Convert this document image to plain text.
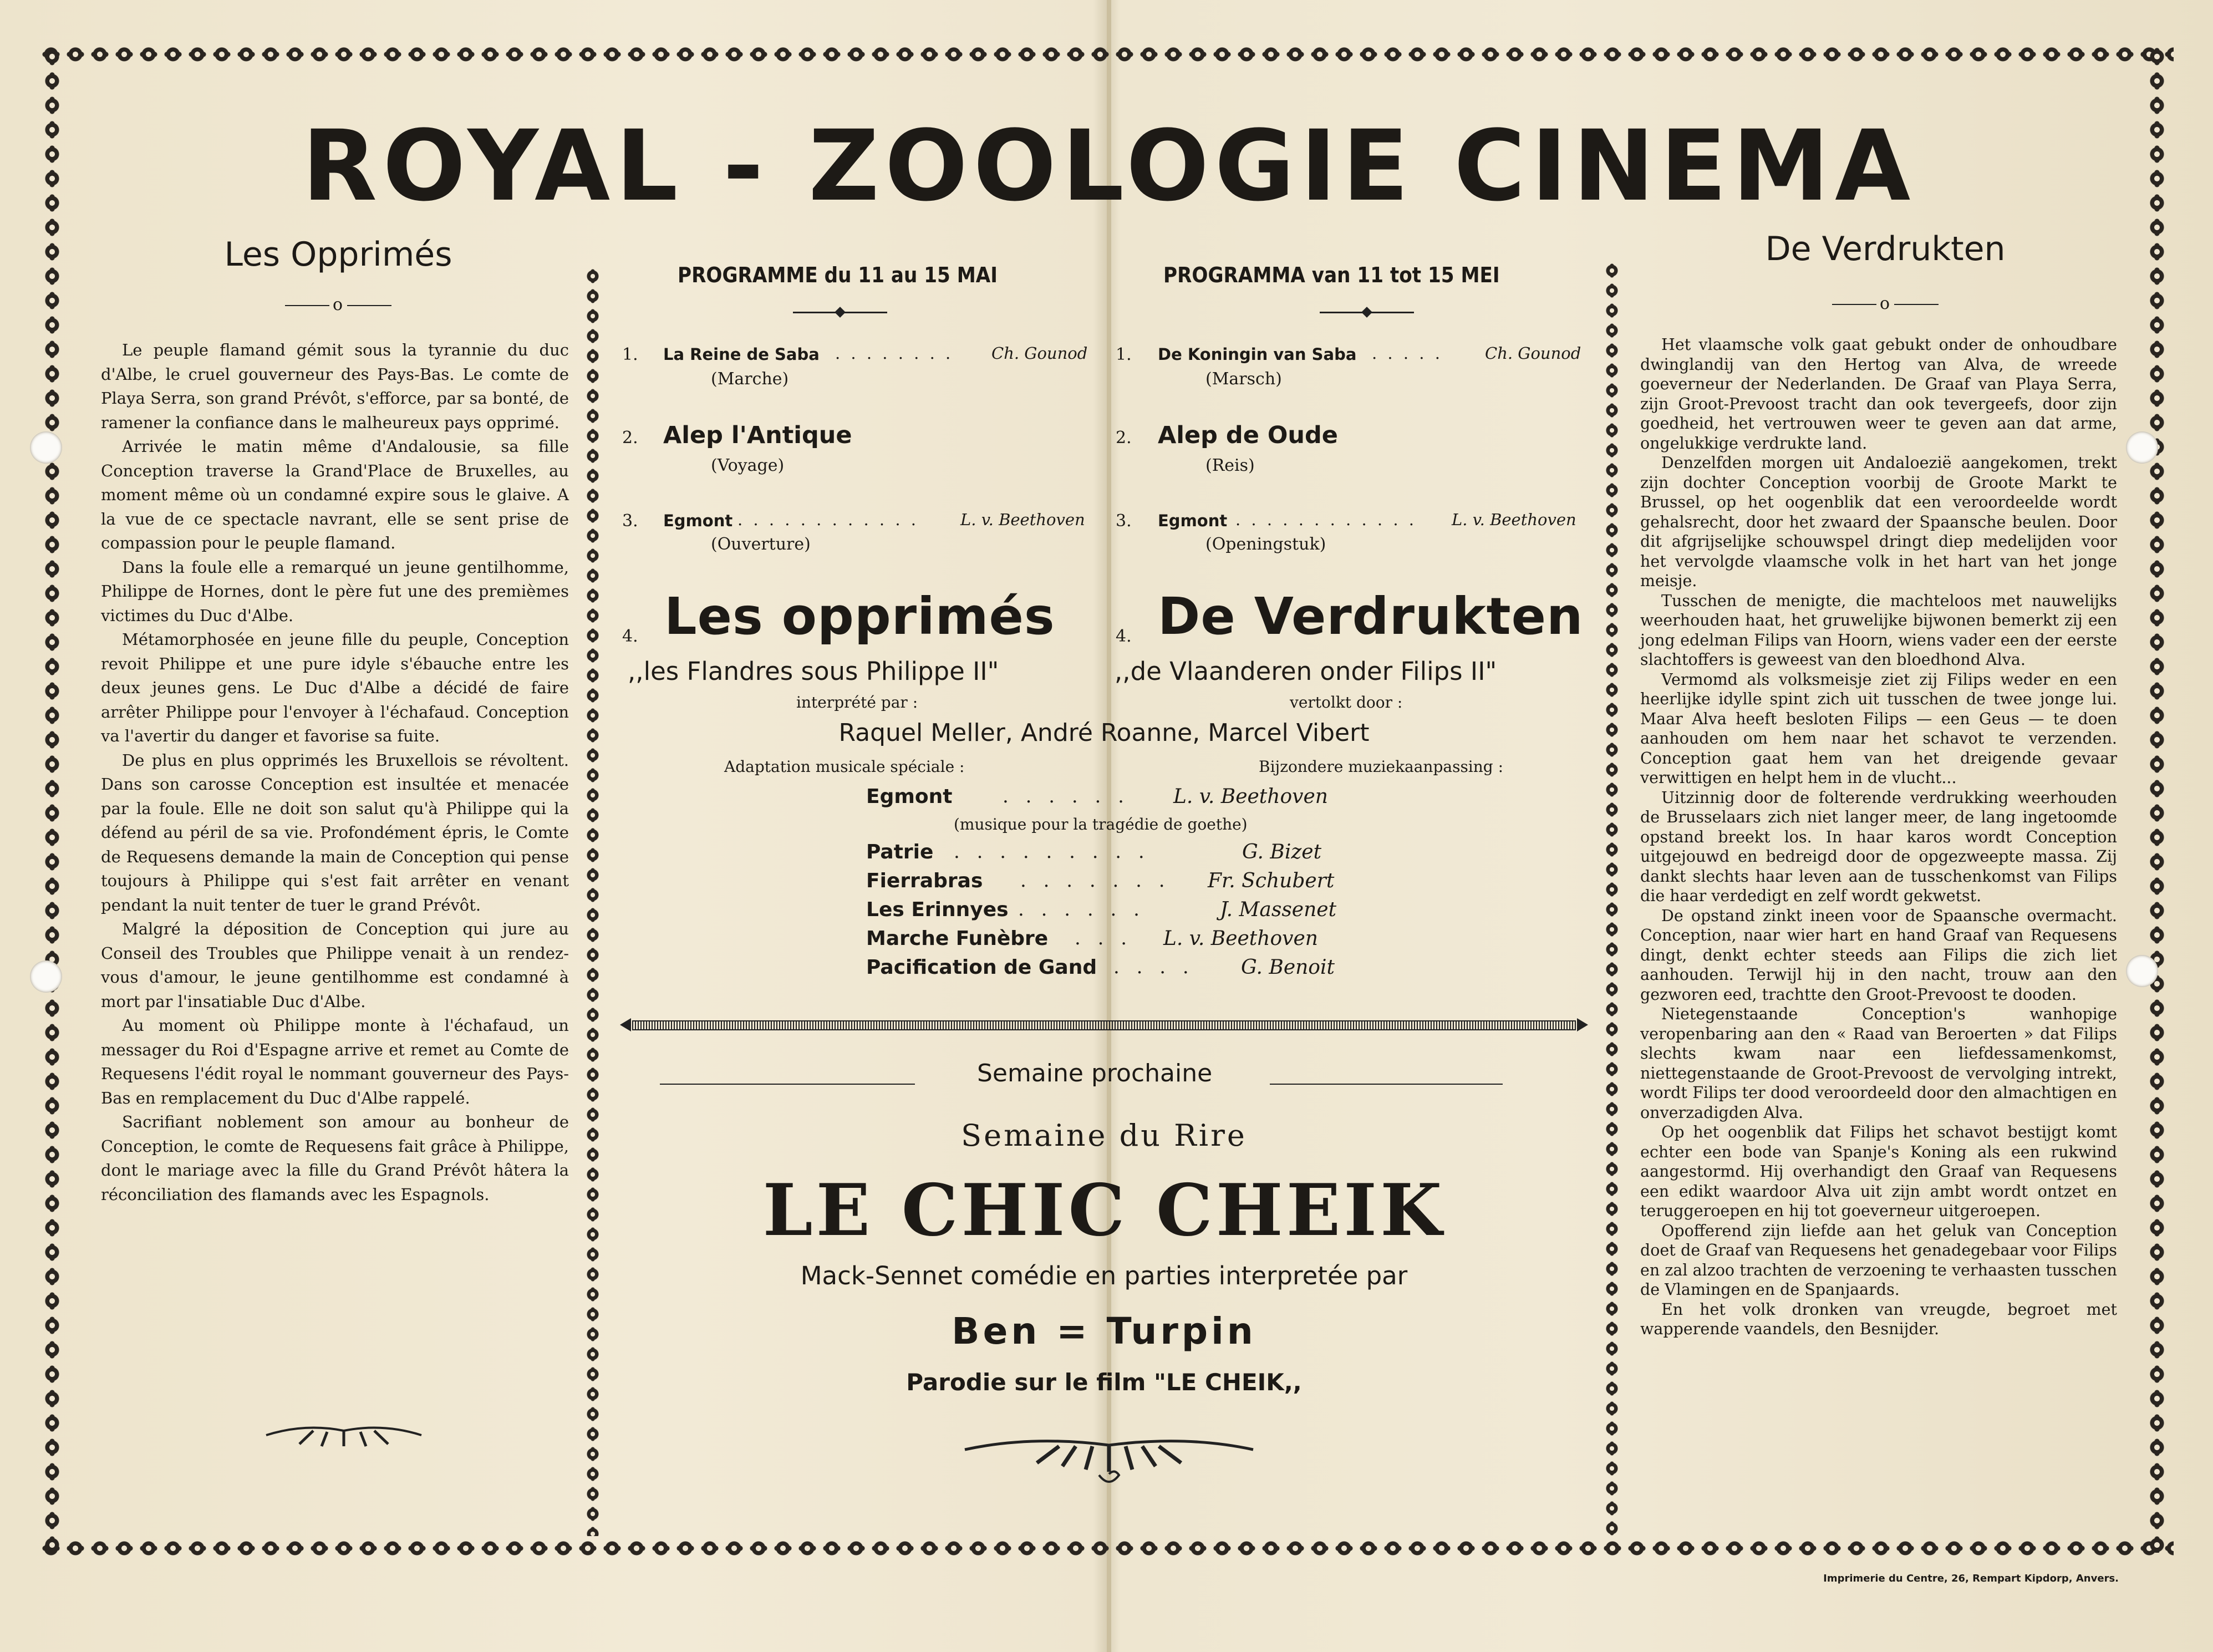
ROYAL - ZOOLOGIE CINEMA
Les Opprimés
o

Le peuple flamand gémit sous la tyrannie du duc d'Albe, le cruel gouverneur des Pays-Bas. Le comte de Playa Serra, son grand Prévôt, s'efforce, par sa bonté, de ramener la confiance dans le malheureux pays opprimé.

Arrivée le matin même d'Andalousie, sa fille Conception traverse la Grand'Place de Bruxelles, au moment même où un condamné expire sous le glaive. A la vue de ce spectacle navrant, elle se sent prise de compassion pour le peuple flamand.

Dans la foule elle a remarqué un jeune gentilhomme, Philippe de Hornes, dont le père fut une des premièmes victimes du Duc d'Albe.

Métamorphosée en jeune fille du peuple, Conception revoit Philippe et une pure idyle s'ébauche entre les deux jeunes gens. Le Duc d'Albe a décidé de faire arrêter Philippe pour l'envoyer à l'échafaud. Conception va l'avertir du danger et favorise sa fuite.

De plus en plus opprimés les Bruxellois se révoltent. Dans son carosse Conception est insultée et menacée par la foule. Elle ne doit son salut qu'à Philippe qui la défend au péril de sa vie. Profondément épris, le Comte de Requesens demande la main de Conception qui pense toujours à Philippe qui s'est fait arrêter en venant pendant la nuit tenter de tuer le grand Prévôt.

Malgré la déposition de Conception qui jure au Conseil des Troubles que Philippe venait à un rendez-vous d'amour, le jeune gentilhomme est condamné à mort par l'insatiable Duc d'Albe.

Au moment où Philippe monte à l'échafaud, un messager du Roi d'Espagne arrive et remet au Comte de Requesens l'édit royal le nommant gouverneur des Pays-Bas en remplacement du Duc d'Albe rappelé.

Sacrifiant noblement son amour au bonheur de Conception, le comte de Requesens fait grâce à Philippe, dont le mariage avec la fille du Grand Prévôt hâtera la réconciliation des flamands avec les Espagnols.

De Verdrukten
o

Het vlaamsche volk gaat gebukt onder de onhoudbare dwinglandij van den Hertog van Alva, de wreede goeverneur der Nederlanden. De Graaf van Playa Serra, zijn Groot-Prevoost tracht dan ook tevergeefs, door zijn goedheid, het vertrouwen weer te geven aan dat arme, ongelukkige verdrukte land.

Denzelfden morgen uit Andaloezië aangekomen, trekt zijn dochter Conception voorbij de Groote Markt te Brussel, op het oogenblik dat een veroordeelde wordt gehalsrecht, door het zwaard der Spaansche beulen. Door dit afgrijselijke schouwspel dringt diep medelijden voor het vervolgde vlaamsche volk in het hart van het jonge meisje.

Tusschen de menigte, die machteloos met nauwelijks weerhouden haat, het gruwelijke bijwonen bemerkt zij een jong edelman Filips van Hoorn, wiens vader een der eerste slachtoffers is geweest van den bloedhond Alva.

Vermomd als volksmeisje ziet zij Filips weder en een heerlijke idylle spint zich uit tusschen de twee jonge lui. Maar Alva heeft besloten Filips — een Geus — te doen aanhouden om hem naar het schavot te verzenden. Conception gaat hem van het dreigende gevaar verwittigen en helpt hem in de vlucht...

Uitzinnig door de folterende verdrukking weerhouden de Brusselaars zich niet langer meer, de lang ingetoomde opstand breekt los. In haar karos wordt Conception uitgejouwd en bedreigd door de opgezweepte massa. Zij dankt slechts haar leven aan de tusschenkomst van Filips die haar verdedigt en zelf wordt gekwetst.

De opstand zinkt ineen voor de Spaansche overmacht. Conception, naar wier hart en hand Graaf van Requesens dingt, denkt echter steeds aan Filips die zich liet aanhouden. Terwijl hij in den nacht, trouw aan den gezworen eed, trachtte den Groot-Prevoost te dooden.

Nietegenstaande Conception's wanhopige veropenbaring aan den « Raad van Beroerten » dat Filips slechts kwam naar een liefdessamenkomst, niettegenstaande de Groot-Prevoost de vervolging intrekt, wordt Filips ter dood veroordeeld door den almachtigen en onverzadigden Alva.

Op het oogenblik dat Filips het schavot bestijgt komt echter een bode van Spanje's Koning als een rukwind aangestormd. Hij overhandigt den Graaf van Requesens een edikt waardoor Alva uit zijn ambt wordt ontzet en teruggeroepen en hij tot goeverneur uitgeroepen.

Opofferend zijn liefde aan het geluk van Conception doet de Graaf van Requesens het genadegebaar voor Filips en zal alzoo trachten de verzoening te verhaasten tusschen de Vlamingen en de Spanjaards.

En het volk dronken van vreugde, begroet met wapperende vaandels, den Besnijder.

PROGRAMME du 11 au 15 MAI	PROGRAMMA van 11 tot 15 MEI
1. La Reine de Saba . . . . . . . . Ch. Gounod
(Marche)
2. Alep l'Antique
(Voyage)
3. Egmont . . . . . . . . . . . .	L. v. Beethoven
(Ouverture)
1. De Koningin van Saba . . . . .	Ch. Gounod
(Marsch)
2. Alep de Oude
(Reis)
3. Egmont . . . . . . . . . . . . L. v. Beethoven
(Openingstuk)
4. Les opprimés	4. De Verdrukten
,,les Flandres sous Philippe II"	,,de Vlaanderen onder Filips II"
interprété par :	vertolkt door :
Raquel Meller, André Roanne, Marcel Vibert
Adaptation musicale spéciale :	Bijzondere muziekaanpassing :
Egmont	. . . . . . L. v. Beethoven
(musique pour la tragédie de goethe)
Patrie . . . . . . . . .	G. Bizet
Fierrabras . . . . . . . Fr. Schubert
Les Erinnyes . . . . . .	J. Massenet
Marche Funèbre . . . L. v. Beethoven
Pacification de Gand . . . . G. Benoit
Semaine prochaine
Semaine du Rire
LE CHIC CHEIK
Mack-Sennet comédie en parties interpretée par
Ben = Turpin
Parodie sur le film "LE CHEIK,,
Imprimerie du Centre, 26, Rempart Kipdorp, Anvers.
